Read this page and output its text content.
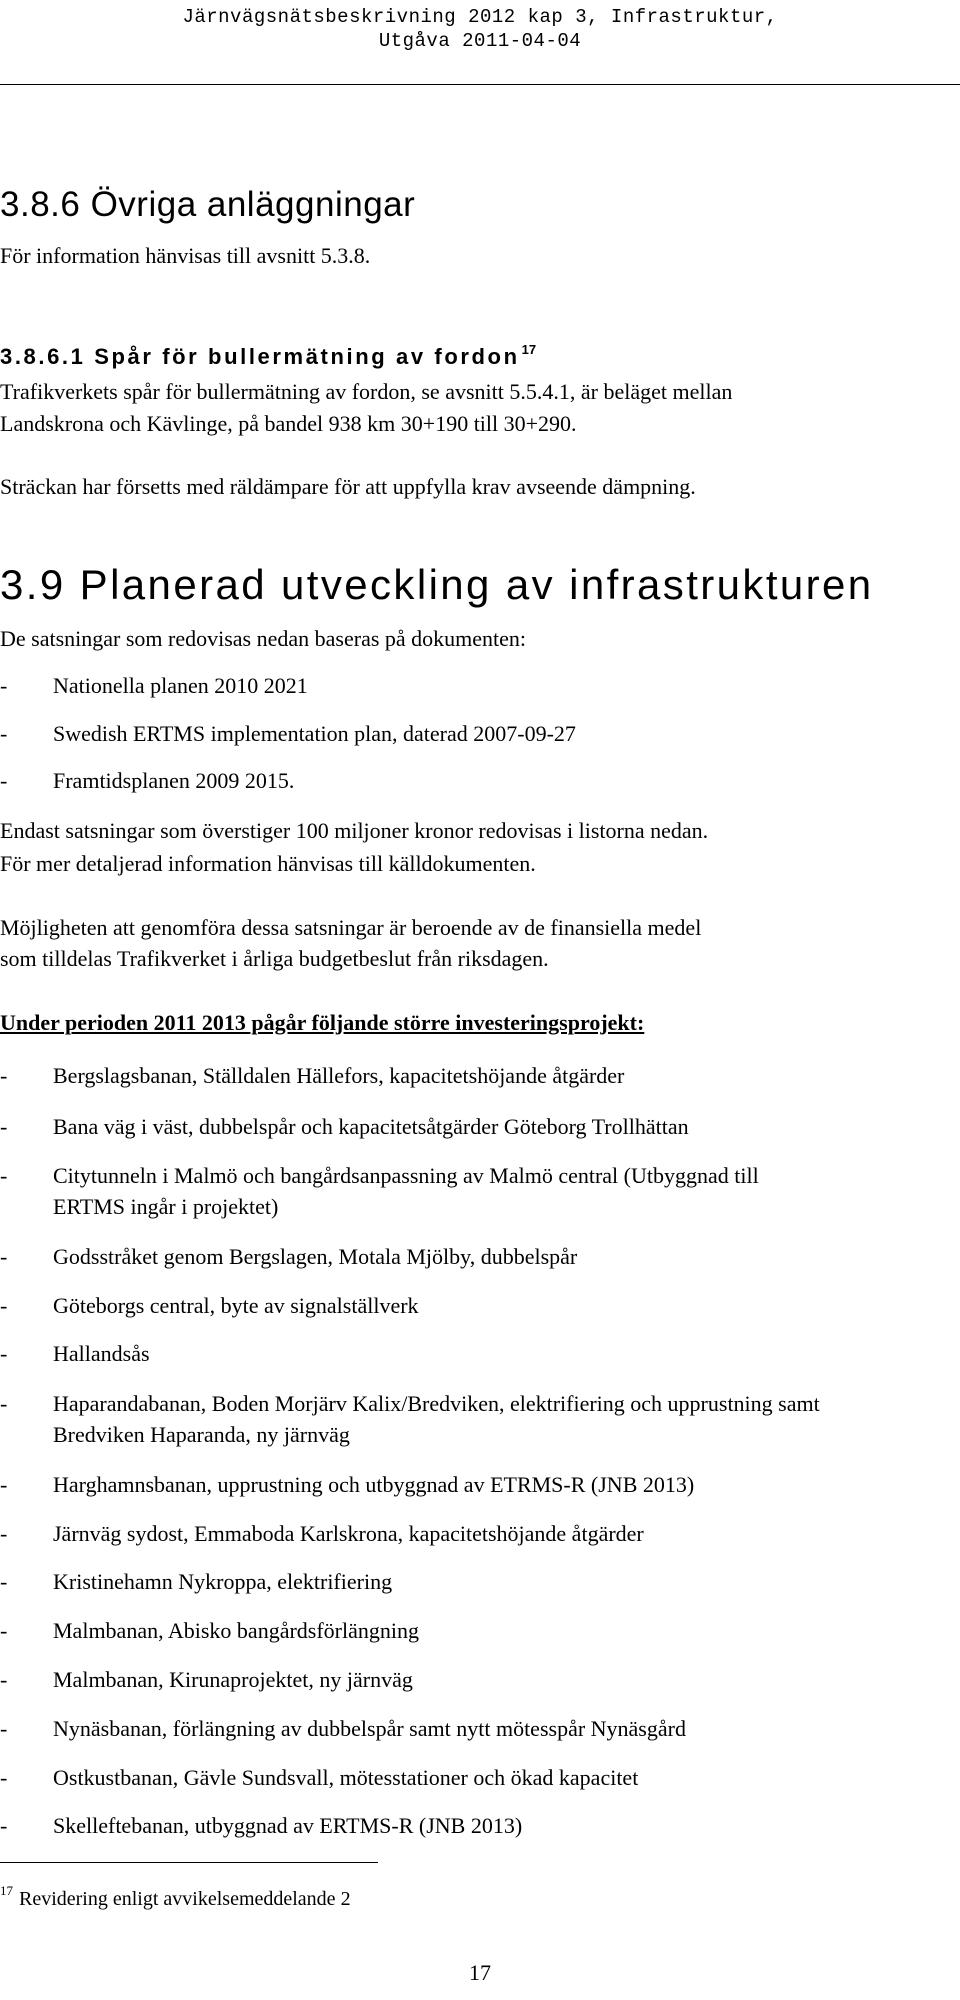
Järnvägsnätsbeskrivning 2012 kap 3, Infrastruktur,
Utgåva 2011-04-04
3.8.6 Övriga anläggningar
För information hänvisas till avsnitt 5.3.8.
3.8.6.1 Spår för bullermätning av fordon $^{17}$
Trafikverkets spår för bullermätning av fordon, se avsnitt 5.5.4.1, är beläget mellan
Landskrona och Kävlinge, på bandel 938 km 30+190 till 30+290.
Sträckan har försetts med räldämpare för att uppfylla krav avseende dämpning.
3.9 Planerad utveckling av infrastrukturen
De satsningar som redovisas nedan baseras på dokumenten:
- Nationella planen 2010 2021
- Swedish ERTMS implementation plan, daterad 2007-09-27
- Framtidsplanen 2009 2015.
Endast satsningar som överstiger 100 miljoner kronor redovisas i listorna nedan.
För mer detaljerad information hänvisas till källdokumenten.
Möjligheten att genomföra dessa satsningar är beroende av de finansiella medel
som tilldelas Trafikverket i årliga budgetbeslut från riksdagen.
Under perioden 2011 2013 pågår följande större investeringsprojekt:
- Bergslagsbanan, Ställdalen Hällefors, kapacitetshöjande åtgärder
- Bana väg i väst, dubbelspår och kapacitetsåtgärder Göteborg Trollhättan
- Citytunneln i Malmö och bangårdsanpassning av Malmö central (Utbyggnad till ERTMS ingår i projektet)
- Godsstråket genom Bergslagen, Motala Mjölby, dubbelspår
- Göteborgs central, byte av signalställverk
- Hallandsås
- Haparandabanan, Boden Morjärv Kalix/Bredviken, elektrifiering och upprustning samt Bredviken Haparanda, ny järnväg
- Harghamnsbanan, upprustning och utbyggnad av ETRMS-R (JNB 2013)
- Järnväg sydost, Emmaboda Karlskrona, kapacitetshöjande åtgärder
- Kristinehamn Nykroppa, elektrifiering
- Malmbanan, Abisko bangårdsförlängning
- Malmbanan, Kirunaprojektet, ny järnväg
- Nynäsbanan, förlängning av dubbelspår samt nytt mötesspår Nynäsgård
- Ostkustbanan, Gävle Sundsvall, mötesstationer och ökad kapacitet
- Skelleftebanan, utbyggnad av ERTMS-R (JNB 2013)
$^{17}$ Revidering enligt avvikelsemeddelande 2
17
